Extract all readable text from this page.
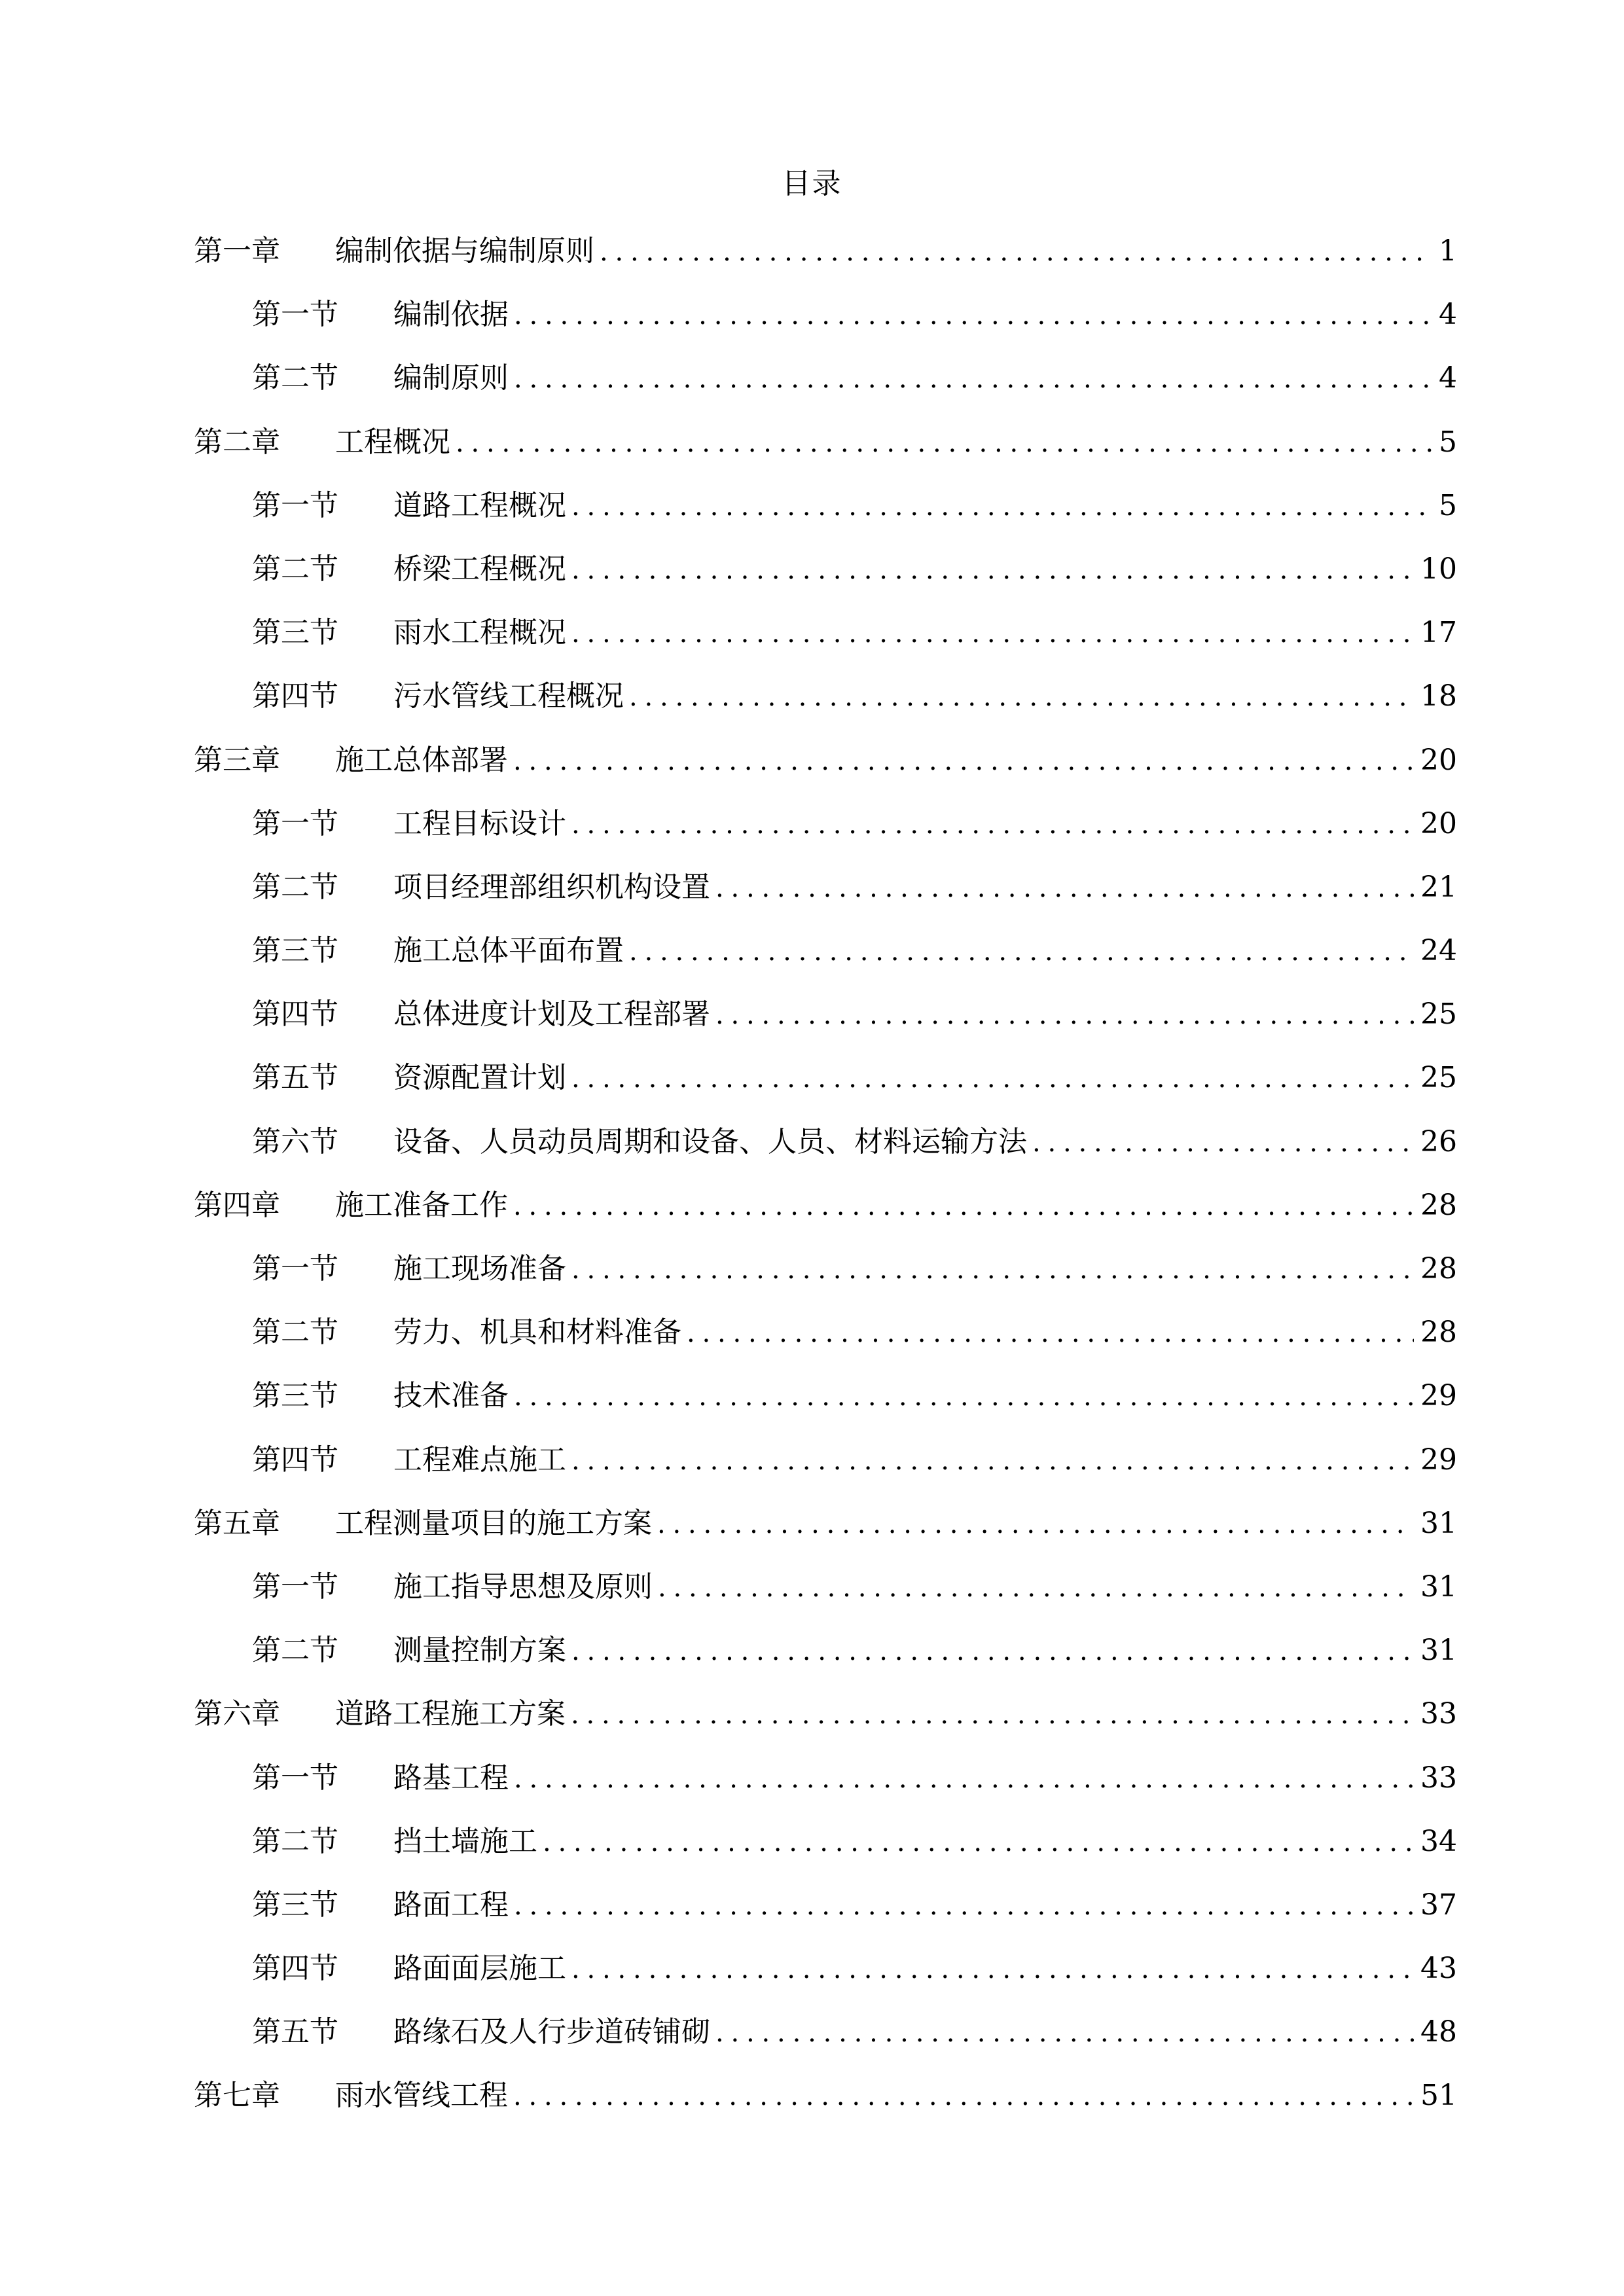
目录
第一章	编制依据与编制原则 .....	1
第一节	编制依据 .....	4
第二节	编制原则 .....	4
第二章	工程概况 .....	5
第一节	道路工程概况 .....	5
第二节	桥梁工程概况 .....	10
第三节	雨水工程概况 .....	17
第四节	污水管线工程概况 .....	18
第三章	施工总体部署 .....	20
第一节	工程目标设计 .....	20
第二节	项目经理部组织机构设置 .....	21
第三节	施工总体平面布置 .....	24
第四节	总体进度计划及工程部署 .....	25
第五节	资源配置计划 .....	25
第六节	设备、人员动员周期和设备、人员、材料运输方法 .....	26
第四章	施工准备工作 .....	28
第一节	施工现场准备 .....	28
第二节	劳力、机具和材料准备 .....	28
第三节	技术准备 .....	29
第四节	工程难点施工 .....	29
第五章	工程测量项目的施工方案 .....	31
第一节	施工指导思想及原则 .....	31
第二节	测量控制方案 .....	31
第六章	道路工程施工方案 .....	33
第一节	路基工程 .....	33
第二节	挡土墙施工 .....	34
第三节	路面工程 .....	37
第四节	路面面层施工 .....	43
第五节	路缘石及人行步道砖铺砌 .....	48
第七章	雨水管线工程 .....	51
